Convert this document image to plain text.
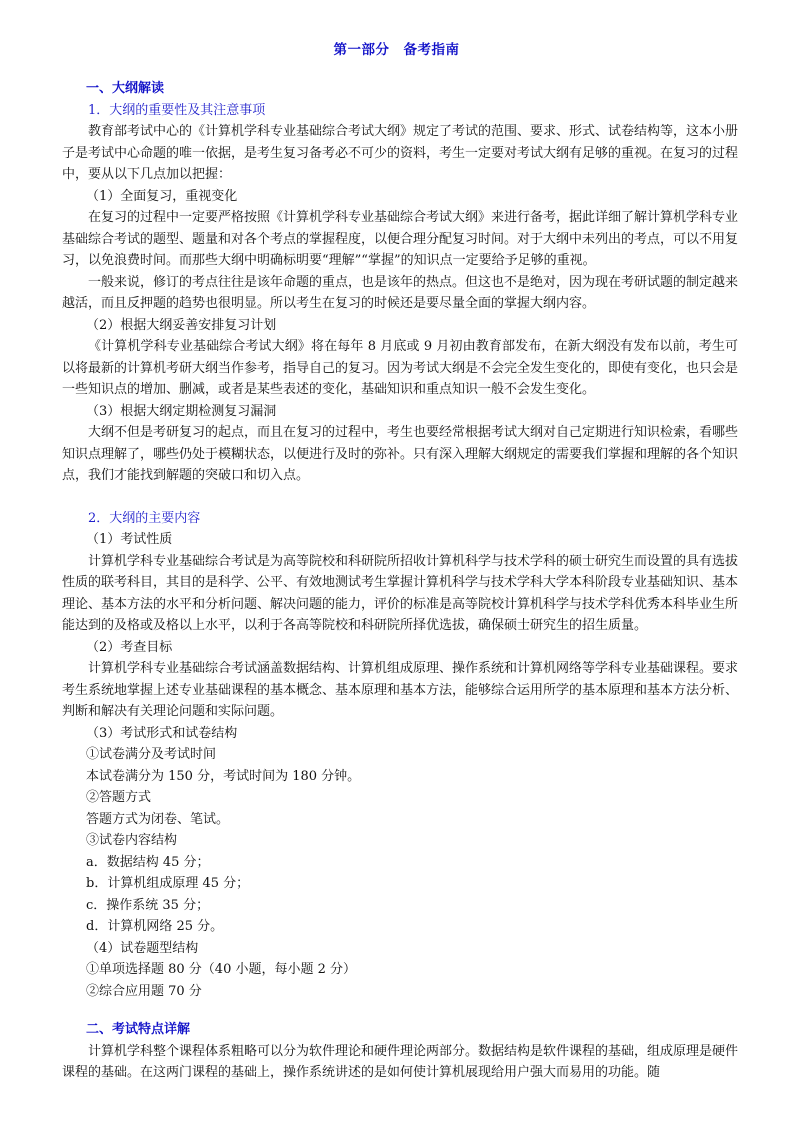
第一部分　备考指南

一、大纲解读

1．大纲的重要性及其注意事项

教育部考试中心的《计算机学科专业基础综合考试大纲》规定了考试的范围、要求、形式、试卷结构等，这本小册子是考试中心命题的唯一依据，是考生复习备考必不可少的资料，考生一定要对考试大纲有足够的重视。在复习的过程中，要从以下几点加以把握：

（1）全面复习，重视变化

在复习的过程中一定要严格按照《计算机学科专业基础综合考试大纲》来进行备考，据此详细了解计算机学科专业基础综合考试的题型、题量和对各个考点的掌握程度，以便合理分配复习时间。对于大纲中未列出的考点，可以不用复习，以免浪费时间。而那些大纲中明确标明要“理解”“掌握”的知识点一定要给予足够的重视。

一般来说，修订的考点往往是该年命题的重点，也是该年的热点。但这也不是绝对，因为现在考研试题的制定越来越活，而且反押题的趋势也很明显。所以考生在复习的时候还是要尽量全面的掌握大纲内容。

（2）根据大纲妥善安排复习计划

《计算机学科专业基础综合考试大纲》将在每年 8 月底或 9 月初由教育部发布，在新大纲没有发布以前，考生可以将最新的计算机考研大纲当作参考，指导自己的复习。因为考试大纲是不会完全发生变化的，即使有变化，也只会是一些知识点的增加、删减，或者是某些表述的变化，基础知识和重点知识一般不会发生变化。

（3）根据大纲定期检测复习漏洞

大纲不但是考研复习的起点，而且在复习的过程中，考生也要经常根据考试大纲对自己定期进行知识检索，看哪些知识点理解了，哪些仍处于模糊状态，以便进行及时的弥补。只有深入理解大纲规定的需要我们掌握和理解的各个知识点，我们才能找到解题的突破口和切入点。

2．大纲的主要内容

（1）考试性质

计算机学科专业基础综合考试是为高等院校和科研院所招收计算机科学与技术学科的硕士研究生而设置的具有选拔性质的联考科目，其目的是科学、公平、有效地测试考生掌握计算机科学与技术学科大学本科阶段专业基础知识、基本理论、基本方法的水平和分析问题、解决问题的能力，评价的标准是高等院校计算机科学与技术学科优秀本科毕业生所能达到的及格或及格以上水平，以利于各高等院校和科研院所择优选拔，确保硕士研究生的招生质量。

（2）考查目标

计算机学科专业基础综合考试涵盖数据结构、计算机组成原理、操作系统和计算机网络等学科专业基础课程。要求考生系统地掌握上述专业基础课程的基本概念、基本原理和基本方法，能够综合运用所学的基本原理和基本方法分析、判断和解决有关理论问题和实际问题。

（3）考试形式和试卷结构

①试卷满分及考试时间

本试卷满分为 150 分，考试时间为 180 分钟。

②答题方式

答题方式为闭卷、笔试。

③试卷内容结构

a．数据结构 45 分；

b．计算机组成原理 45 分；

c．操作系统 35 分；

d．计算机网络 25 分。

（4）试卷题型结构

①单项选择题 80 分（40 小题，每小题 2 分）

②综合应用题 70 分

二、考试特点详解

计算机学科整个课程体系粗略可以分为软件理论和硬件理论两部分。数据结构是软件课程的基础，组成原理是硬件课程的基础。在这两门课程的基础上，操作系统讲述的是如何使计算机展现给用户强大而易用的功能。随
